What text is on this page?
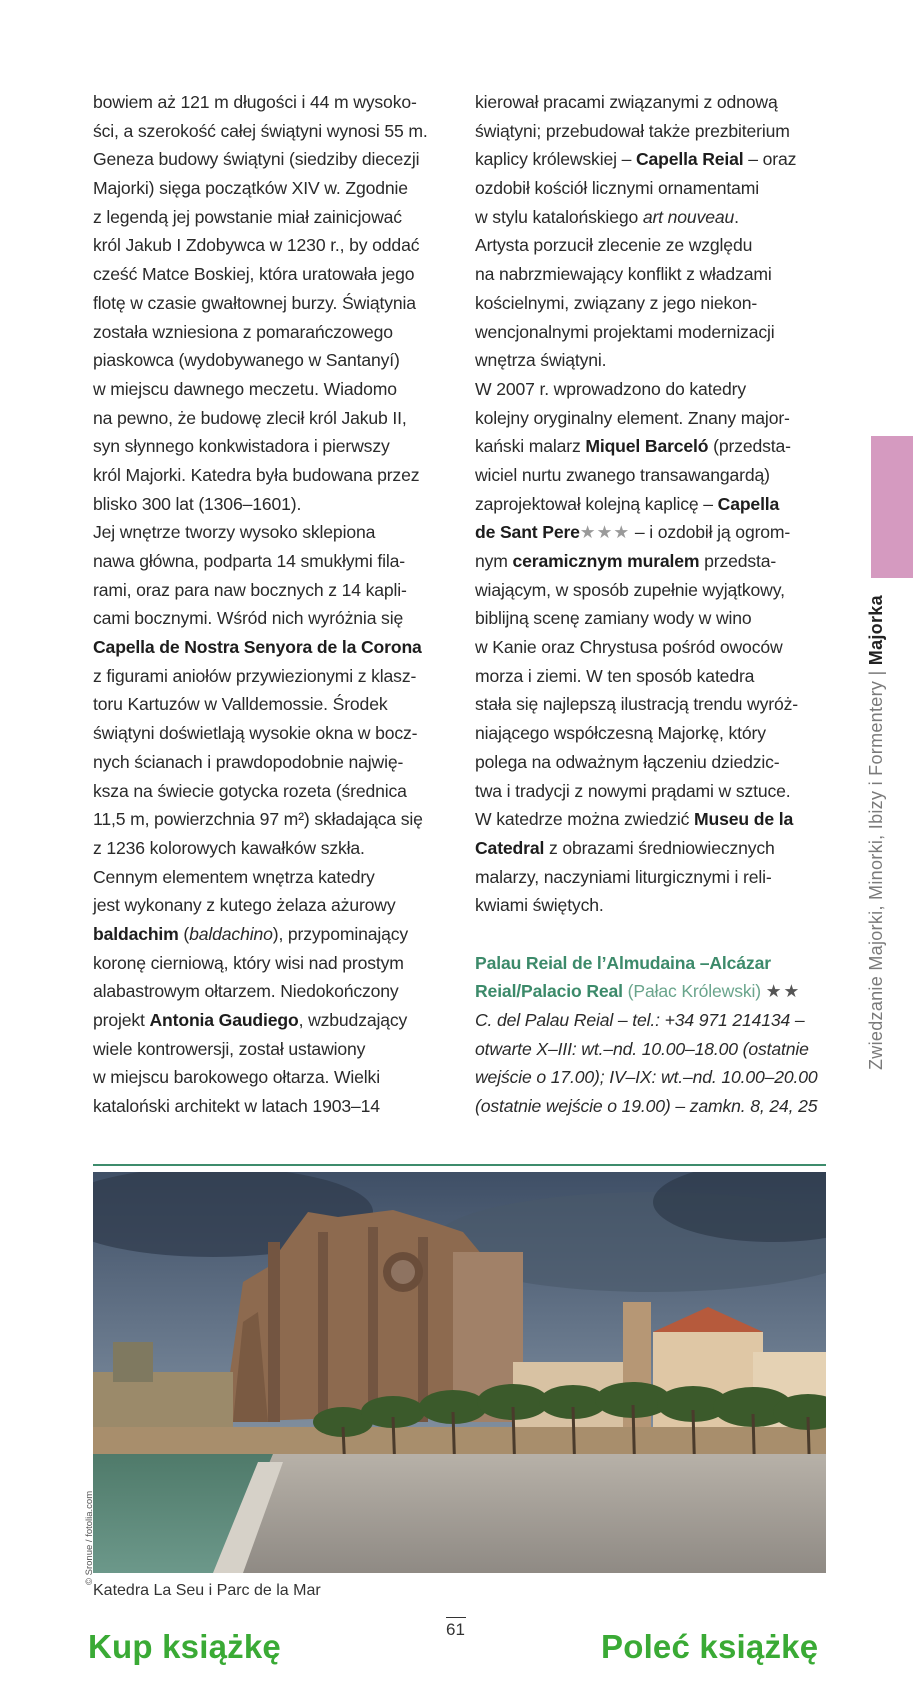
bowiem aż 121 m długości i 44 m wysoko-
ści, a szerokość całej świątyni wynosi 55 m.
Geneza budowy świątyni (siedziby diecezji
Majorki) sięga początków XIV w. Zgodnie
z legendą jej powstanie miał zainicjować
król Jakub I Zdobywca w 1230 r., by oddać
cześć Matce Boskiej, która uratowała jego
flotę w czasie gwałtownej burzy. Świątynia
została wzniesiona z pomarańczowego
piaskowca (wydobywanego w Santanyí)
w miejscu dawnego meczetu. Wiadomo
na pewno, że budowę zlecił król Jakub II,
syn słynnego konkwistadora i pierwszy
król Majorki. Katedra była budowana przez
blisko 300 lat (1306–1601).
Jej wnętrze tworzy wysoko sklepiona
nawa główna, podparta 14 smukłymi fila-
rami, oraz para naw bocznych z 14 kapli-
cami bocznymi. Wśród nich wyróżnia się
Capella de Nostra Senyora de la Corona
z figurami aniołów przywiezionymi z klasz-
toru Kartuzów w Valldemossie. Środek
świątyni doświetlają wysokie okna w bocz-
nych ścianach i prawdopodobnie najwię-
ksza na świecie gotycka rozeta (średnica
11,5 m, powierzchnia 97 m²) składająca się
z 1236 kolorowych kawałków szkła.
Cennym elementem wnętrza katedry
jest wykonany z kutego żelaza ażurowy
baldachim (baldachino), przypominający
koronę cierniową, który wisi nad prostym
alabastrowym ołtarzem. Niedokończony
projekt Antonia Gaudiego, wzbudzający
wiele kontrowersji, został ustawiony
w miejscu barokowego ołtarza. Wielki
kataloński architekt w latach 1903–14
kierował pracami związanymi z odnową
świątyni; przebudował także prezbiterium
kaplicy królewskiej – Capella Reial – oraz
ozdobił kościół licznymi ornamentami
w stylu katalońskiego art nouveau.
Artysta porzucił zlecenie ze względu
na nabrzmiewający konflikt z władzami
kościelnymi, związany z jego niekon-
wencjonalnymi projektami modernizacji
wnętrza świątyni.
W 2007 r. wprowadzono do katedry
kolejny oryginalny element. Znany major-
kański malarz Miquel Barceló (przedsta-
wiciel nurtu zwanego transawangardą)
zaprojektował kolejną kaplicę – Capella
de Sant Pere★★★ – i ozdobił ją ogrom-
nym ceramicznym muralem przedsta-
wiającym, w sposób zupełnie wyjątkowy,
biblijną scenę zamiany wody w wino
w Kanie oraz Chrystusa pośród owoców
morza i ziemi. W ten sposób katedra
stała się najlepszą ilustracją trendu wyróż-
niającego współczesną Majorkę, który
polega na odważnym łączeniu dziedzic-
twa i tradycji z nowymi prądami w sztuce.
W katedrze można zwiedzić Museu de la
Catedral z obrazami średniowiecznych
malarzy, naczyniami liturgicznymi i reli-
kwiami świętych.
Palau Reial de l’Almudaina –Alcázar
Reial/Palacio Real (Pałac Królewski) ★★
C. del Palau Reial – tel.: +34 971 214134 –
otwarte X–III: wt.–nd. 10.00–18.00 (ostatnie
wejście o 17.00); IV–IX: wt.–nd. 10.00–20.00
(ostatnie wejście o 19.00) – zamkn. 8, 24, 25
Zwiedzanie Majorki, Minorki, Ibizy i Formentery | Majorka
© Sronue / fotolia.com
Katedra La Seu i Parc de la Mar
61
Kup książkę	Poleć książkę
